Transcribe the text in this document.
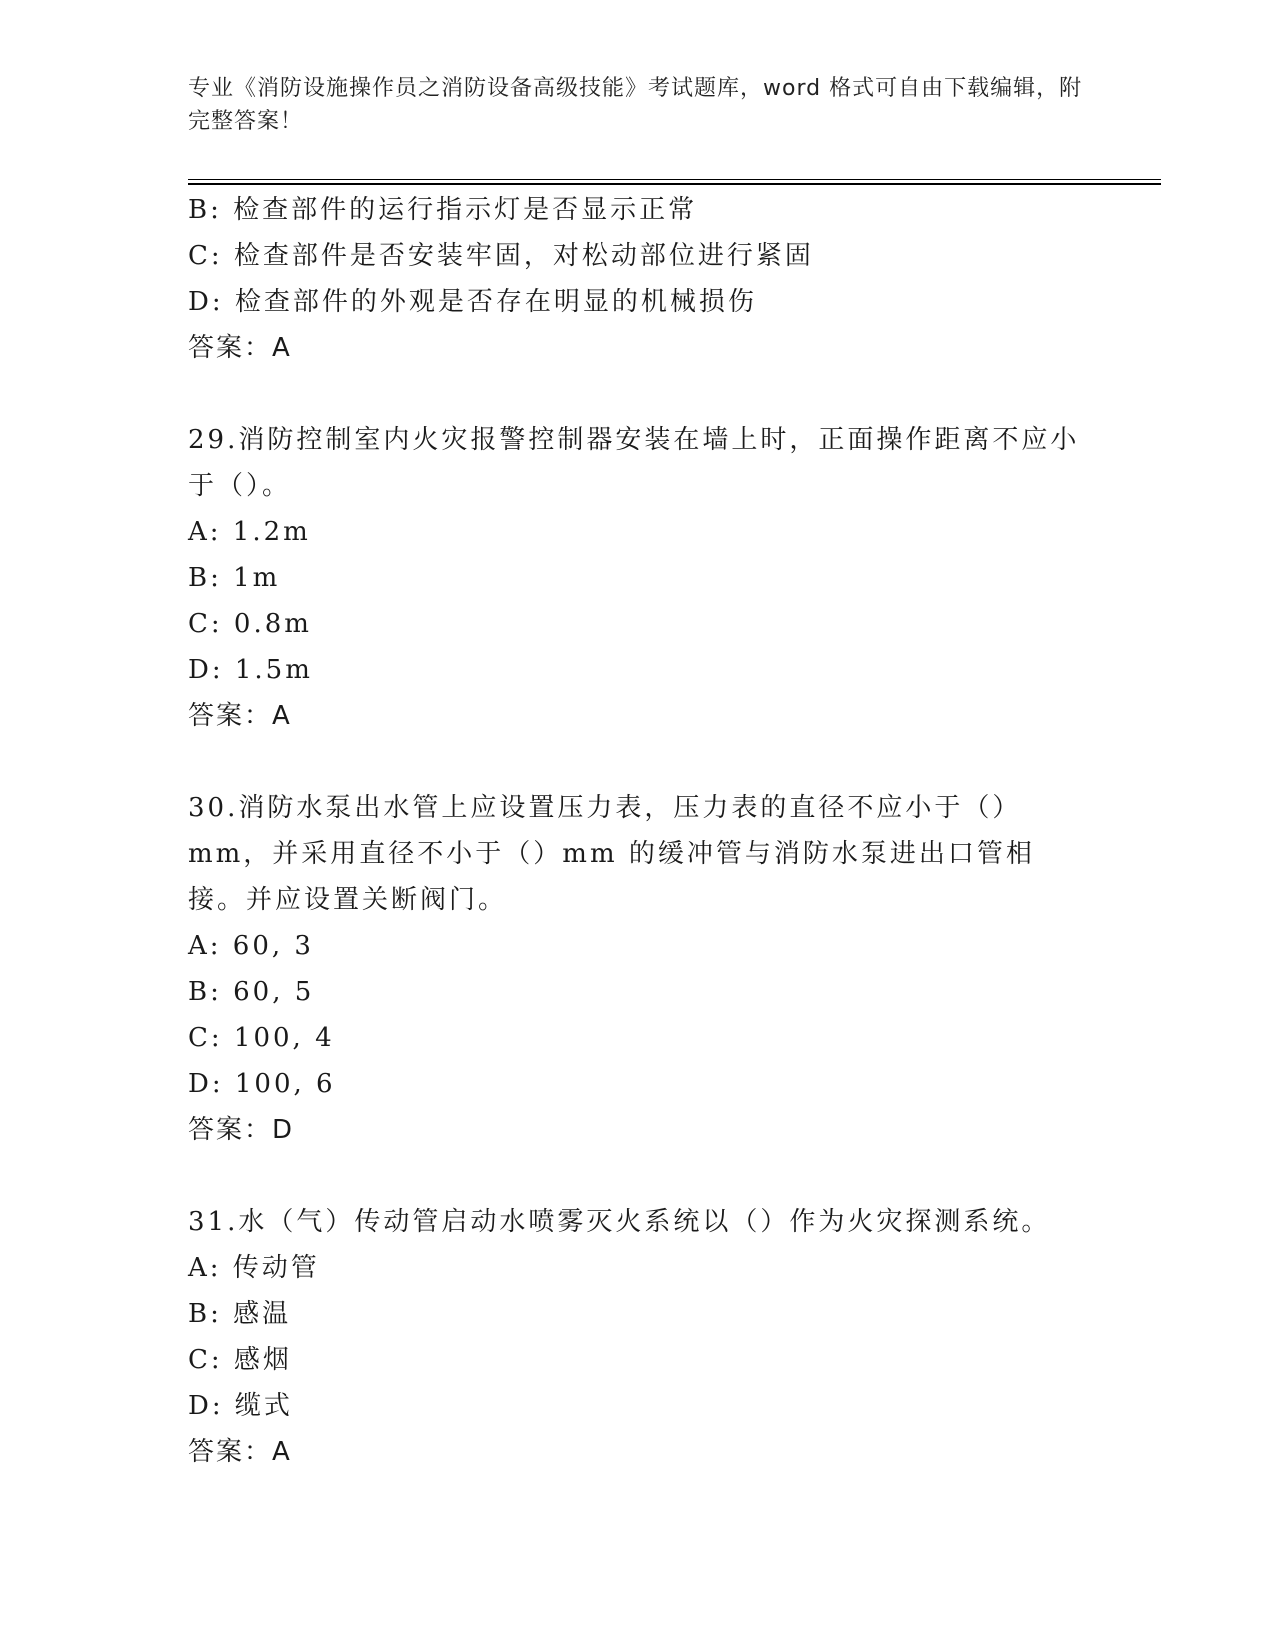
专业《消防设施操作员之消防设备高级技能》考试题库，word 格式可自由下载编辑，附完整答案！
B: 检查部件的运行指示灯是否显示正常
C: 检查部件是否安装牢固，对松动部位进行紧固
D: 检查部件的外观是否存在明显的机械损伤
答案：A
29.消防控制室内火灾报警控制器安装在墙上时，正面操作距离不应小于（）。
A: 1.2m
B: 1m
C: 0.8m
D: 1.5m
答案：A
30.消防水泵出水管上应设置压力表，压力表的直径不应小于（）mm，并采用直径不小于（）mm 的缓冲管与消防水泵进出口管相接。并应设置关断阀门。
A: 60, 3
B: 60, 5
C: 100, 4
D: 100, 6
答案：D
31.水（气）传动管启动水喷雾灭火系统以（）作为火灾探测系统。
A: 传动管
B: 感温
C: 感烟
D: 缆式
答案：A
